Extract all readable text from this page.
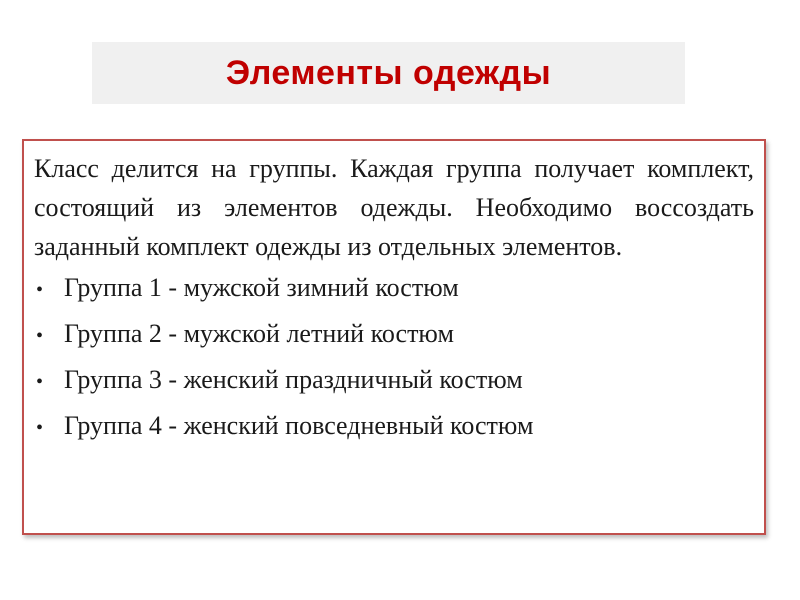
Элементы одежды

Класс делится на группы. Каждая группа получает комплект, состоящий из элементов одежды. Необходимо воссоздать заданный комплект одежды из отдельных элементов.

• Группа 1 - мужской зимний костюм
• Группа 2 - мужской летний костюм
• Группа 3 - женский праздничный костюм
• Группа 4 - женский повседневный костюм
